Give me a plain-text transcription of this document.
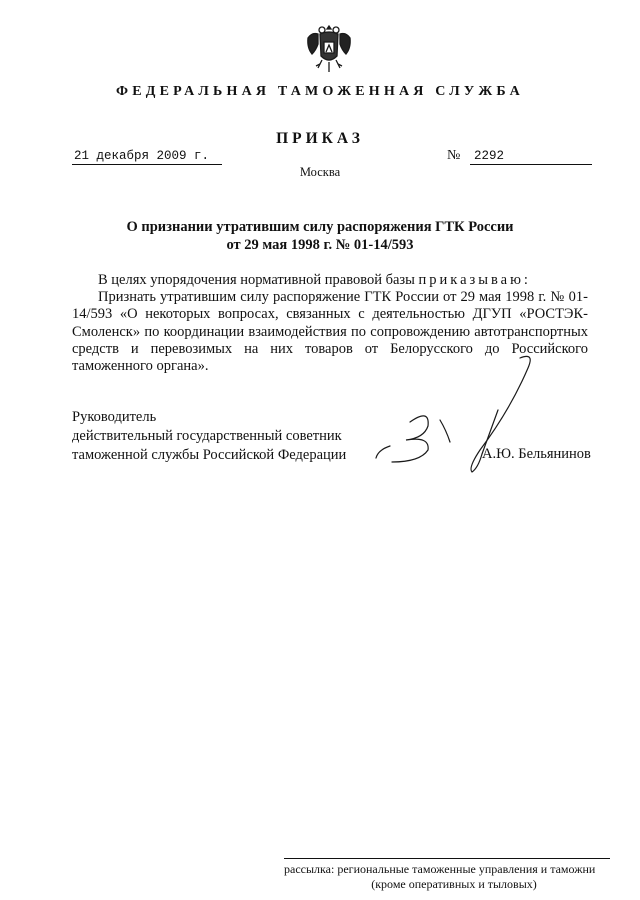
ФЕДЕРАЛЬНАЯ ТАМОЖЕННАЯ СЛУЖБА
ПРИКАЗ
21 декабря 2009 г.	№	2292
Москва
О признании утратившим силу распоряжения ГТК России
от 29 мая 1998 г. № 01-14/593

В целях упорядочения нормативной правовой базы приказываю:

Признать утратившим силу распоряжение ГТК России от 29 мая 1998 г. № 01-14/593 «О некоторых вопросах, связанных с деятельностью ДГУП «РОСТЭК-Смоленск» по координации взаимодействия по сопровождению автотранспортных средств и перевозимых на них товаров от Белорусского до Российского таможенного органа».

Руководитель
действительный государственный советник
таможенной службы Российской Федерации	А.Ю. Бельянинов
рассылка: региональные таможенные управления и таможни
(кроме оперативных и тыловых)
